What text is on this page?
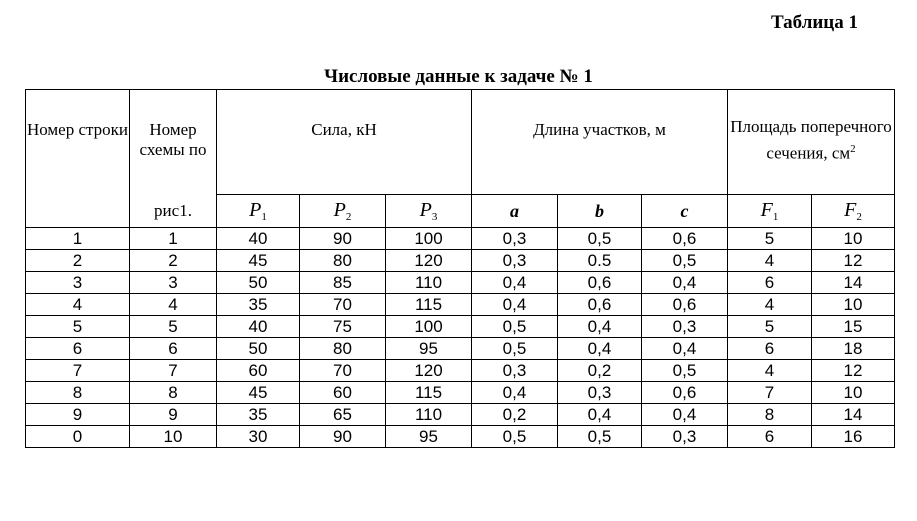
Таблица 1
Числовые данные к задаче № 1
Номер строки	Номер схемы по	Сила, кН			Длина участков, м			Площадь поперечного сечения, $см^2$
	рис1.	$P_1$	$P_2$	$P_3$	a	b	c	$F_1$	$F_2$
1	1	40	90	100	0,3	0,5	0,6	5	10
2	2	45	80	120	0,3	0.5	0,5	4	12
3	3	50	85	110	0,4	0,6	0,4	6	14
4	4	35	70	115	0,4	0,6	0,6	4	10
5	5	40	75	100	0,5	0,4	0,3	5	15
6	6	50	80	95	0,5	0,4	0,4	6	18
7	7	60	70	120	0,3	0,2	0,5	4	12
8	8	45	60	115	0,4	0,3	0,6	7	10
9	9	35	65	110	0,2	0,4	0,4	8	14
0	10	30	90	95	0,5	0,5	0,3	6	16
